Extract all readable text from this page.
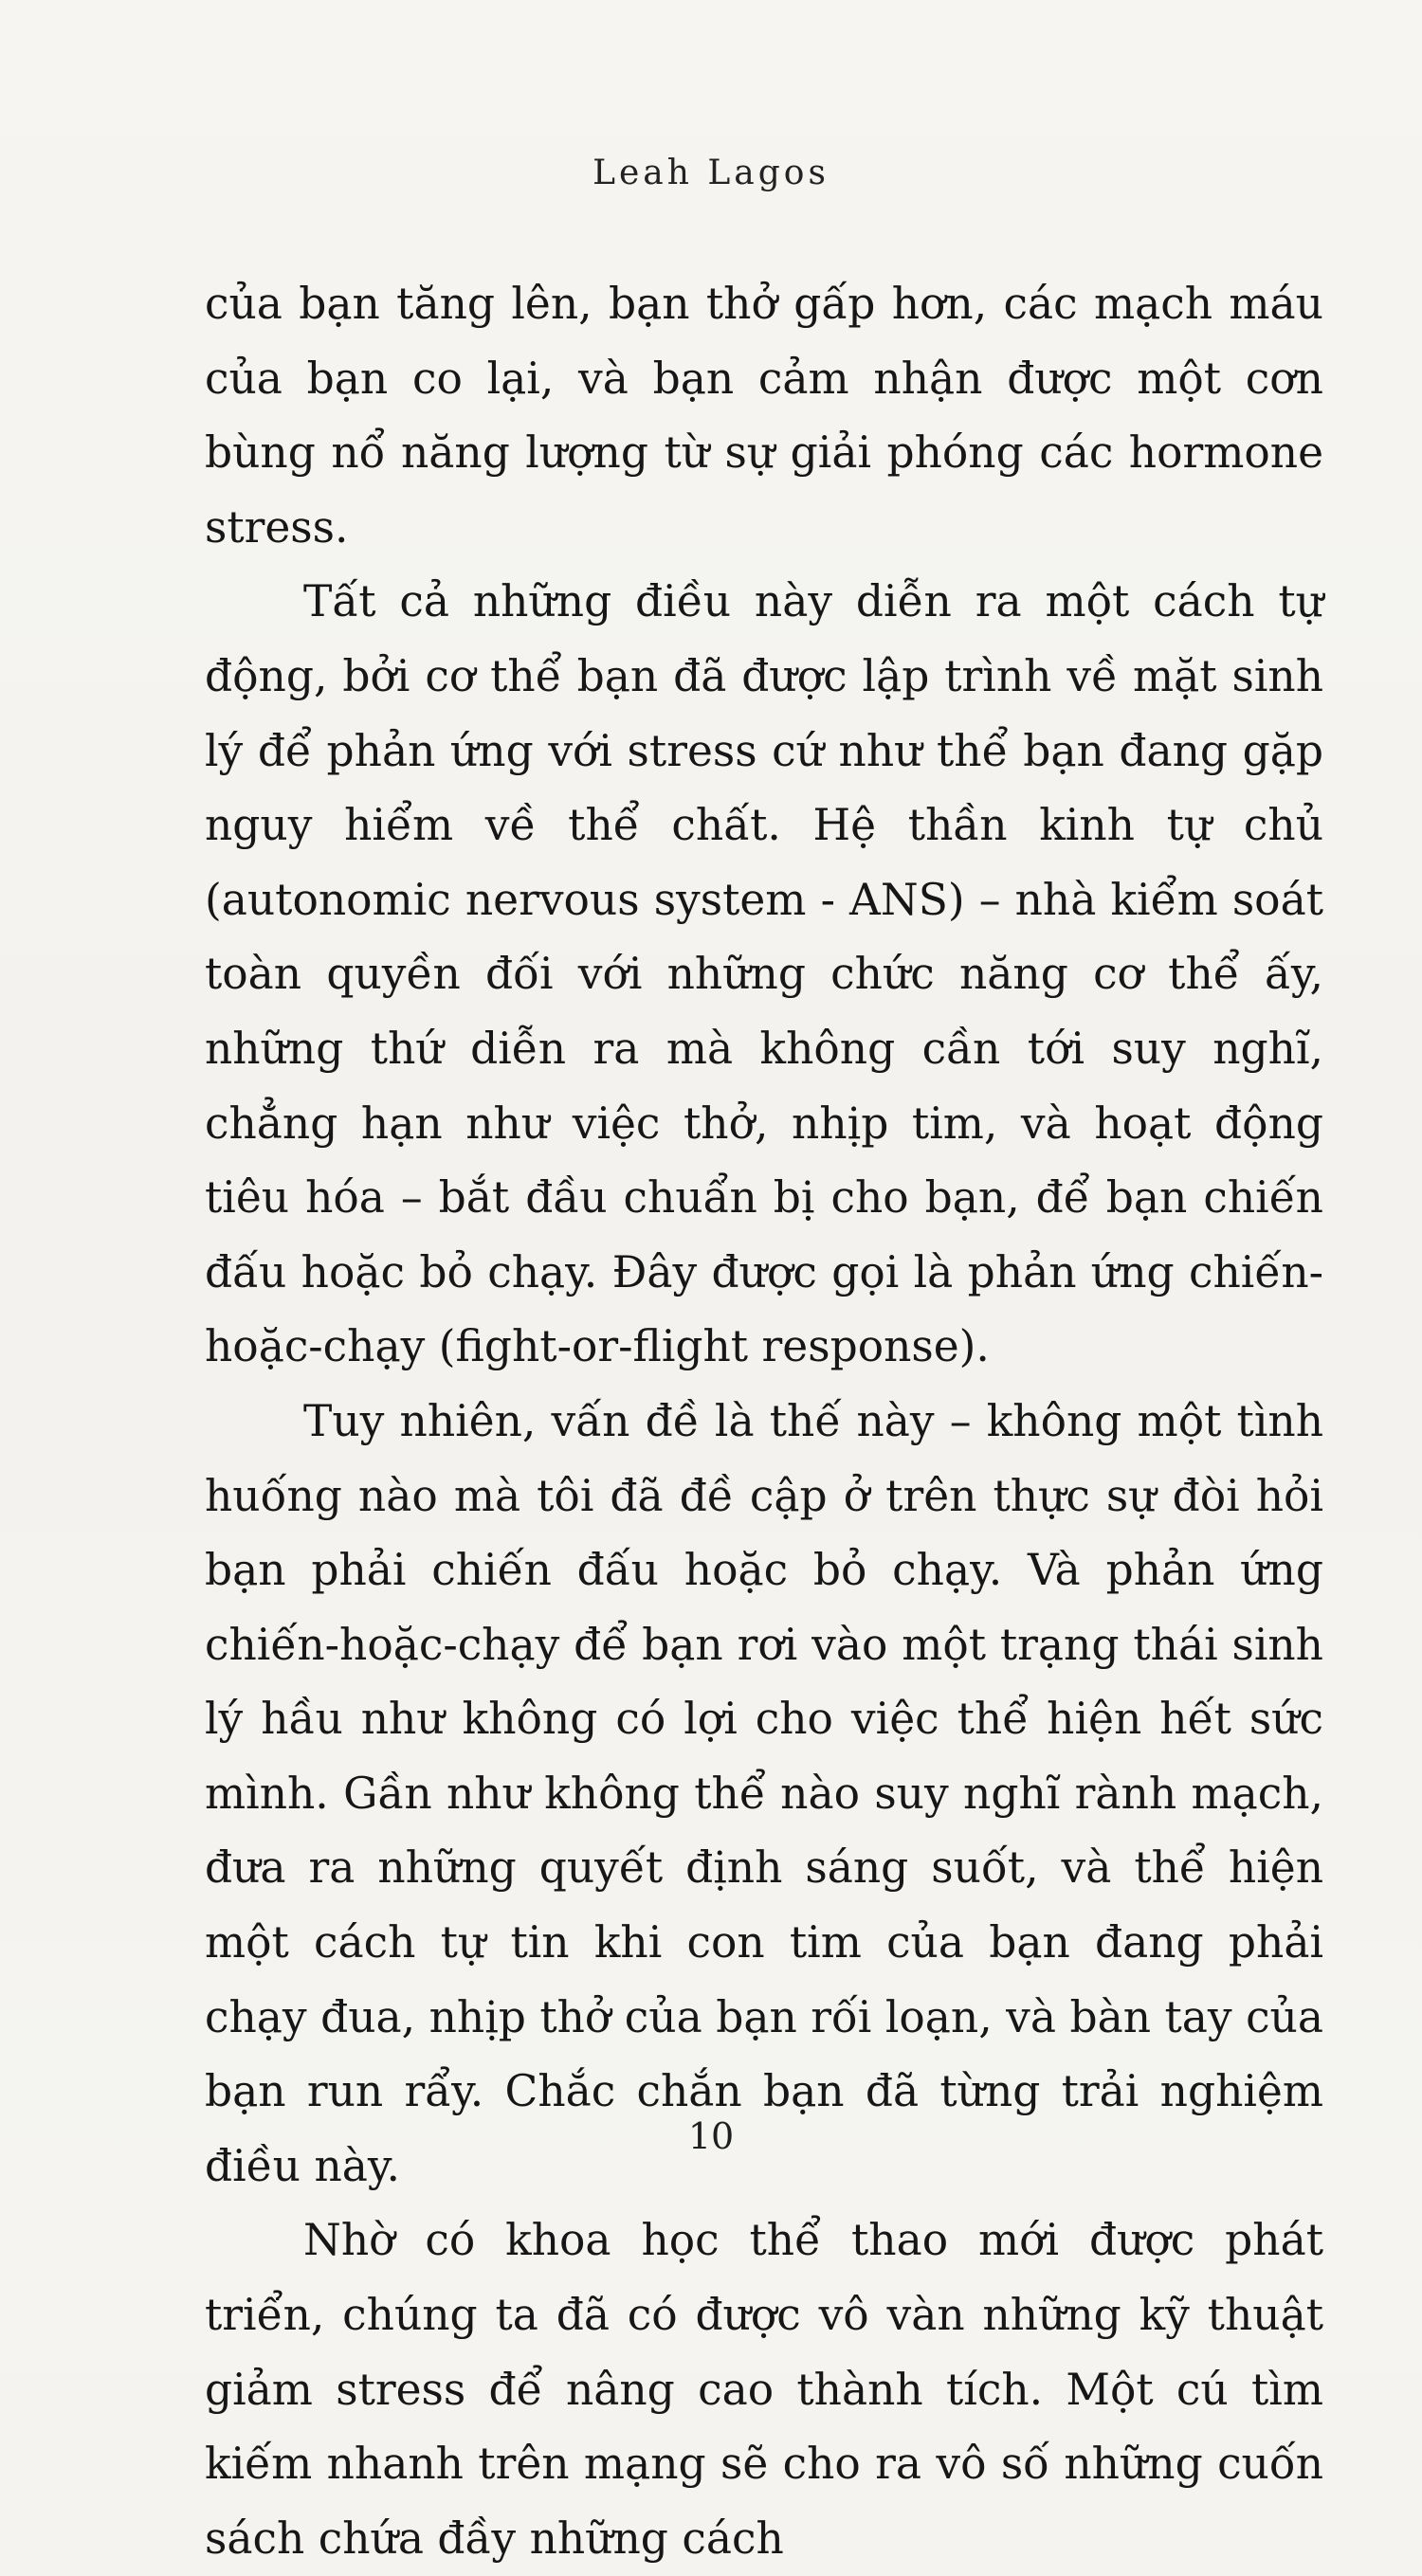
Leah Lagos

của bạn tăng lên, bạn thở gấp hơn, các mạch máu của bạn co lại, và bạn cảm nhận được một cơn bùng nổ năng lượng từ sự giải phóng các hormone stress.

Tất cả những điều này diễn ra một cách tự động, bởi cơ thể bạn đã được lập trình về mặt sinh lý để phản ứng với stress cứ như thể bạn đang gặp nguy hiểm về thể chất. Hệ thần kinh tự chủ (autonomic nervous system - ANS) – nhà kiểm soát toàn quyền đối với những chức năng cơ thể ấy, những thứ diễn ra mà không cần tới suy nghĩ, chẳng hạn như việc thở, nhịp tim, và hoạt động tiêu hóa – bắt đầu chuẩn bị cho bạn, để bạn chiến đấu hoặc bỏ chạy. Đây được gọi là phản ứng chiến-hoặc-chạy (fight-or-flight response).

Tuy nhiên, vấn đề là thế này – không một tình huống nào mà tôi đã đề cập ở trên thực sự đòi hỏi bạn phải chiến đấu hoặc bỏ chạy. Và phản ứng chiến-hoặc-chạy để bạn rơi vào một trạng thái sinh lý hầu như không có lợi cho việc thể hiện hết sức mình. Gần như không thể nào suy nghĩ rành mạch, đưa ra những quyết định sáng suốt, và thể hiện một cách tự tin khi con tim của bạn đang phải chạy đua, nhịp thở của bạn rối loạn, và bàn tay của bạn run rẩy. Chắc chắn bạn đã từng trải nghiệm điều này.

Nhờ có khoa học thể thao mới được phát triển, chúng ta đã có được vô vàn những kỹ thuật giảm stress để nâng cao thành tích. Một cú tìm kiếm nhanh trên mạng sẽ cho ra vô số những cuốn sách chứa đầy những cách

10
